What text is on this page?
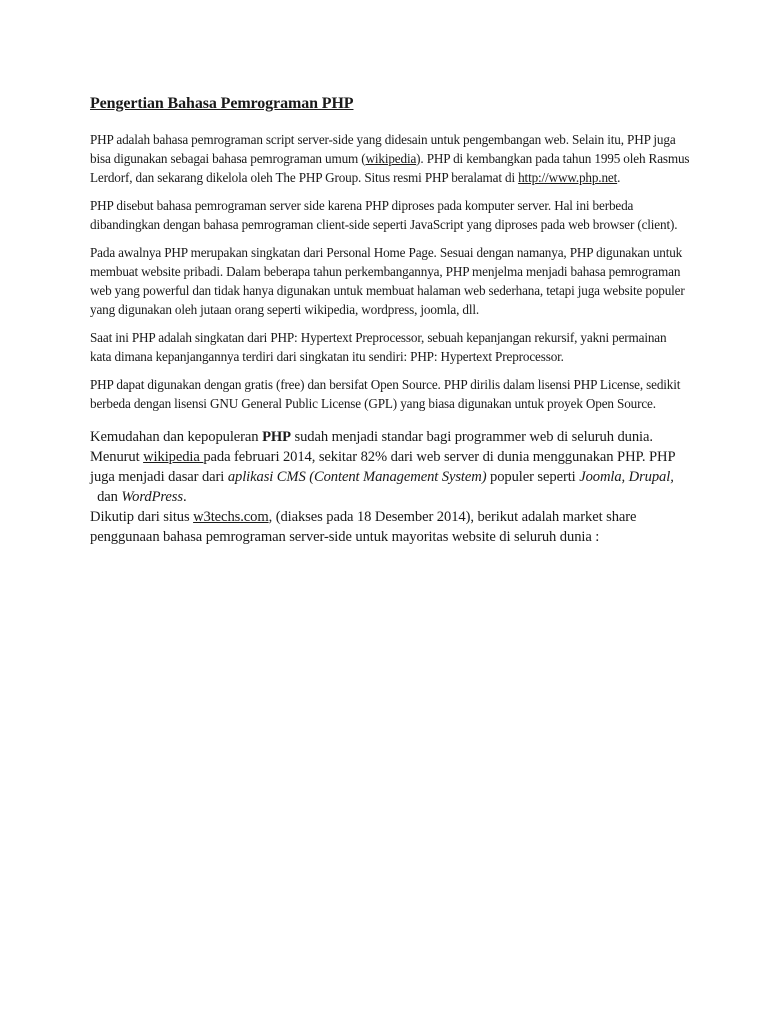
Pengertian Bahasa Pemrograman PHP

PHP adalah bahasa pemrograman script server-side yang didesain untuk pengembangan web. Selain itu, PHP juga bisa digunakan sebagai bahasa pemrograman umum (wikipedia). PHP di kembangkan pada tahun 1995 oleh Rasmus Lerdorf, dan sekarang dikelola oleh The PHP Group. Situs resmi PHP beralamat di http://www.php.net.

PHP disebut bahasa pemrograman server side karena PHP diproses pada komputer server. Hal ini berbeda dibandingkan dengan bahasa pemrograman client-side seperti JavaScript yang diproses pada web browser (client).

Pada awalnya PHP merupakan singkatan dari Personal Home Page. Sesuai dengan namanya, PHP digunakan untuk membuat website pribadi. Dalam beberapa tahun perkembangannya, PHP menjelma menjadi bahasa pemrograman web yang powerful dan tidak hanya digunakan untuk membuat halaman web sederhana, tetapi juga website populer yang digunakan oleh jutaan orang seperti wikipedia, wordpress, joomla, dll.

Saat ini PHP adalah singkatan dari PHP: Hypertext Preprocessor, sebuah kepanjangan rekursif, yakni permainan kata dimana kepanjangannya terdiri dari singkatan itu sendiri: PHP: Hypertext Preprocessor.

PHP dapat digunakan dengan gratis (free) dan bersifat Open Source. PHP dirilis dalam lisensi PHP License, sedikit berbeda dengan lisensi GNU General Public License (GPL) yang biasa digunakan untuk proyek Open Source.

Kemudahan dan kepopuleran PHP sudah menjadi standar bagi programmer web di seluruh dunia. Menurut wikipedia pada februari 2014, sekitar 82% dari web server di dunia menggunakan PHP. PHP juga menjadi dasar dari aplikasi CMS (Content Management System) populer seperti Joomla, Drupal,  dan WordPress.

Dikutip dari situs w3techs.com, (diakses pada 18 Desember 2014), berikut adalah market share penggunaan bahasa pemrograman server-side untuk mayoritas website di seluruh dunia :
